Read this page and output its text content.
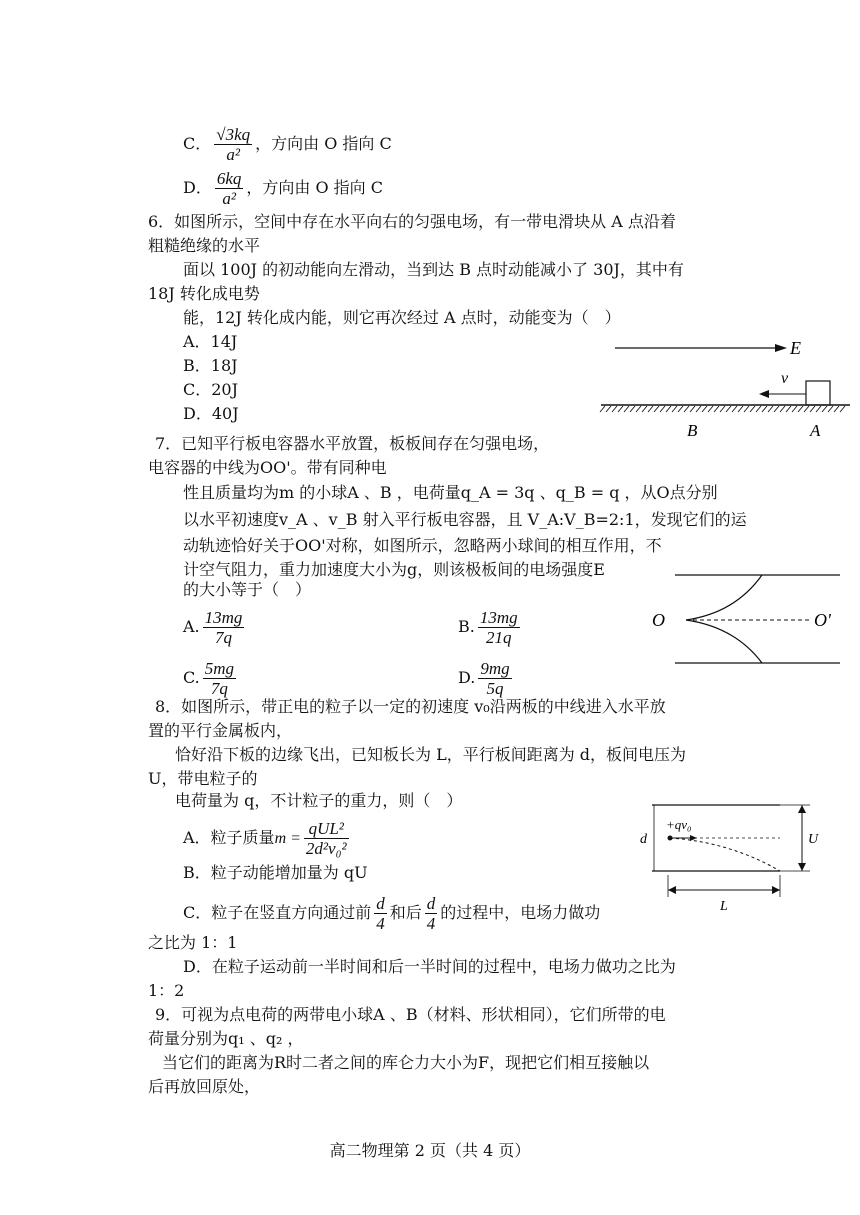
C． $\frac{√3kq}{\text{a²}}$ ，方向由 O 指向 C
D． $\frac{6kq}{\text{a²}}$ ，方向由 O 指向 C
6．如图所示，空间中存在水平向右的匀强电场，有一带电滑块从 A 点沿着
粗糙绝缘的水平
面以 100J 的初动能向左滑动，当到达 B 点时动能减小了 30J，其中有
18J 转化成电势
能，12J 转化成内能，则它再次经过 A 点时，动能变为（　）
A．14J
B．18J
C．20J
D．40J
E
v
B	A
7．已知平行板电容器水平放置，板板间存在匀强电场，
电容器的中线为OO'。带有同种电
性且质量均为m 的小球A 、B ，电荷量q_A = 3q 、q_B = q ，从O点分别
以水平初速度v_A 、v_B 射入平行板电容器，且 V_A:V_B=2:1，发现它们的运
动轨迹恰好关于OO'对称，如图所示，忽略两小球间的相互作用，不
计空气阻力，重力加速度大小为g，则该极板间的电场强度E
的大小等于（　）
A. $\frac{13mg}{7q}$	B. $\frac{13mg}{21q}$
C. $\frac{5mg}{7q}$	D. $\frac{9mg}{5q}$
O	O'
8．如图所示，带正电的粒子以一定的初速度 v₀沿两板的中线进入水平放
置的平行金属板内，
恰好沿下板的边缘飞出，已知板长为 L，平行板间距离为 d，板间电压为
U，带电粒子的
电荷量为 q，不计粒子的重力，则（　）
A．粒子质量$m = \frac{\text{qUL²}}{\text{2d²v₀²}}$
B．粒子动能增加量为 qU
C．粒子在竖直方向通过前 $\frac{d}{4}$ 和后 $\frac{d}{4}$ 的过程中，电场力做功
之比为 1：1
D．在粒子运动前一半时间和后一半时间的过程中，电场力做功之比为
1：2
d
+qv₀
U
L
9．可视为点电荷的两带电小球A 、B（材料、形状相同），它们所带的电
荷量分别为q₁ 、q₂ ，
当它们的距离为R时二者之间的库仑力大小为F，现把它们相互接触以
后再放回原处，
高二物理第 2 页（共 4 页）
